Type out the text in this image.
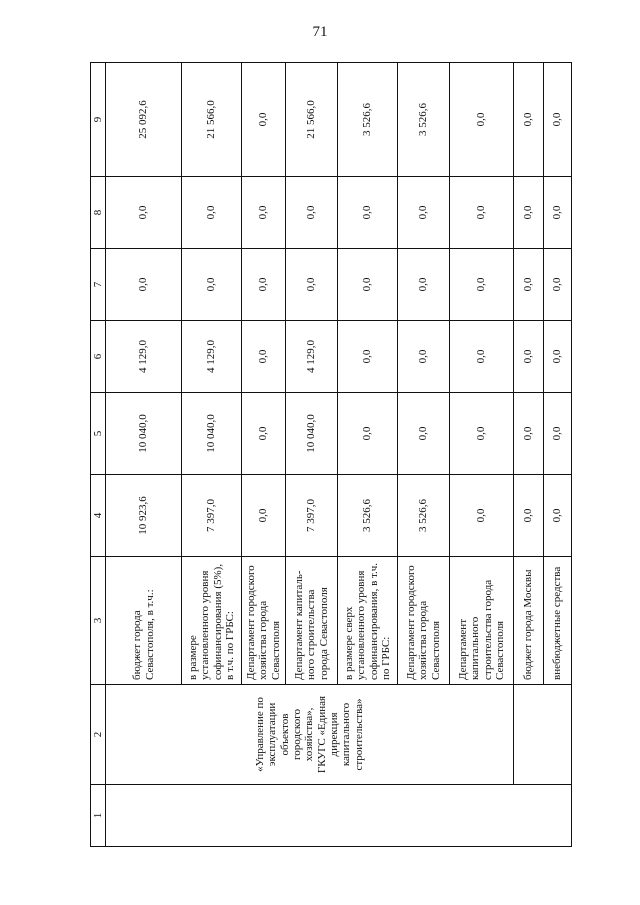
71
1	2	3	4	5	6	7	8	9
	«Управление по эксплуатации объектов городского хозяйства», ГКУГС «Единая дирекция капитального строительства»	бюджет города Севастополя, в т.ч.:	10 923,6	10 040,0	4 129,0	0,0	0,0	25 092,6
		в размере установленного уровня софинансирования (5%), в т.ч. по ГРБС:	7 397,0	10 040,0	4 129,0	0,0	0,0	21 566,0
		Департамент городского хозяйства города Севастополя	0,0	0,0	0,0	0,0	0,0	0,0
		Департамент капиталь-ного строительства города Севастополя	7 397,0	10 040,0	4 129,0	0,0	0,0	21 566,0
		в размере сверх установленного уровня софинансирования, в т.ч. по ГРБС:	3 526,6	0,0	0,0	0,0	0,0	3 526,6
		Департамент городского хозяйства города Севастополя	3 526,6	0,0	0,0	0,0	0,0	3 526,6
		Департамент капитального строительства города Севастополя	0,0	0,0	0,0	0,0	0,0	0,0
		бюджет города Москвы	0,0	0,0	0,0	0,0	0,0	0,0
		внебюджетные средства	0,0	0,0	0,0	0,0	0,0	0,0
